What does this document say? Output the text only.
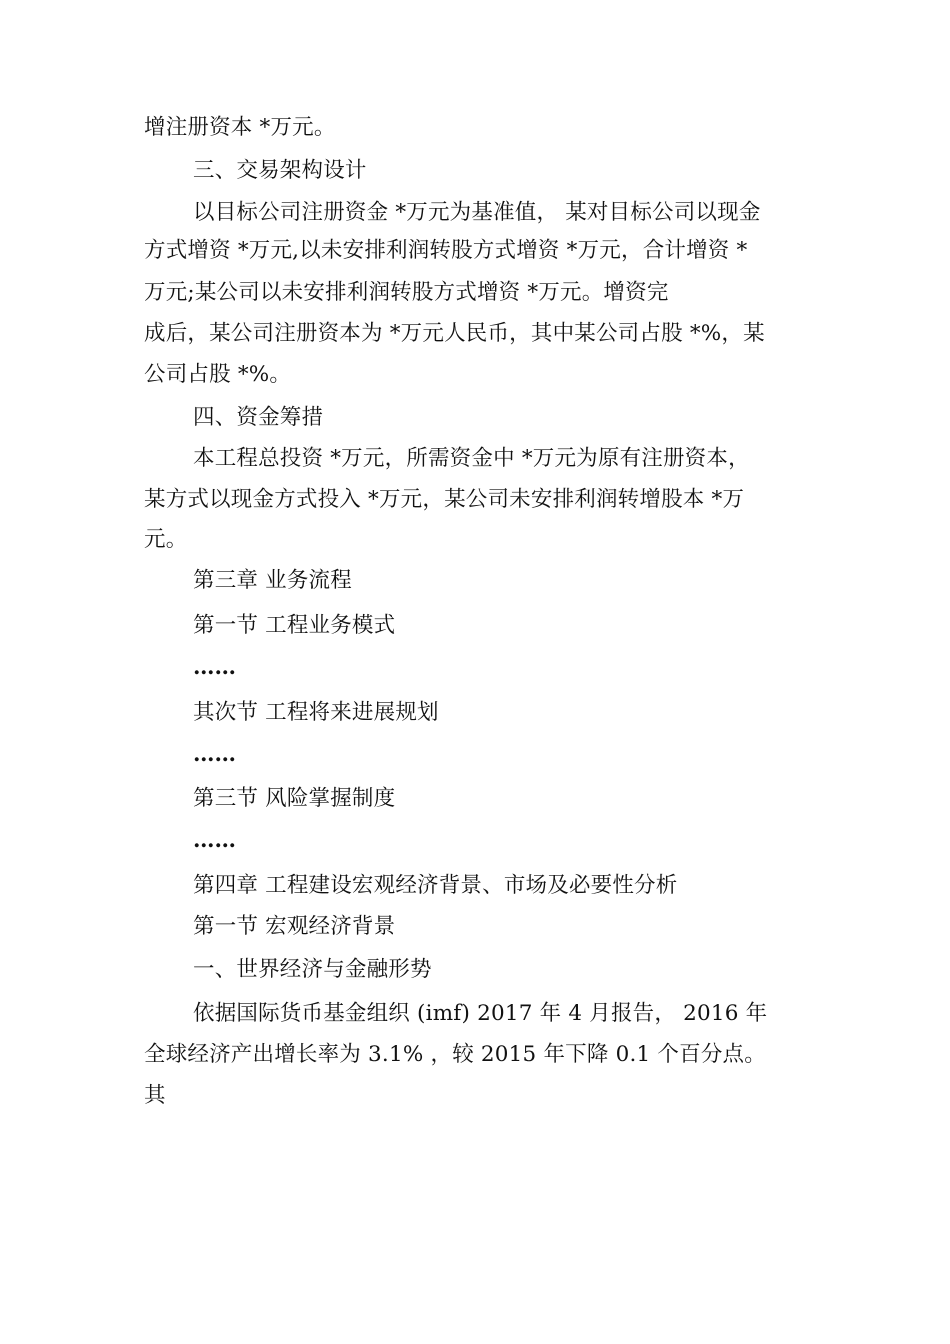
增注册资本 *万元。
三、交易架构设计
以目标公司注册资金 *万元为基准值， 某对目标公司以现金
方式增资 *万元,以未安排利润转股方式增资 *万元，合计增资 *
万元;某公司以未安排利润转股方式增资 *万元。增资完
成后，某公司注册资本为 *万元人民币，其中某公司占股 *%，某
公司占股 *%。
四、资金筹措
本工程总投资 *万元，所需资金中 *万元为原有注册资本，
某方式以现金方式投入 *万元，某公司未安排利润转增股本 *万
元。
第三章 业务流程
第一节 工程业务模式
……
其次节 工程将来进展规划
……
第三节 风险掌握制度
……
第四章 工程建设宏观经济背景、市场及必要性分析
第一节 宏观经济背景
一、世界经济与金融形势
依据国际货币基金组织 (imf) 2017 年 4 月报告， 2016 年
全球经济产出增长率为 3.1% ，较 2015 年下降 0.1 个百分点。
其
